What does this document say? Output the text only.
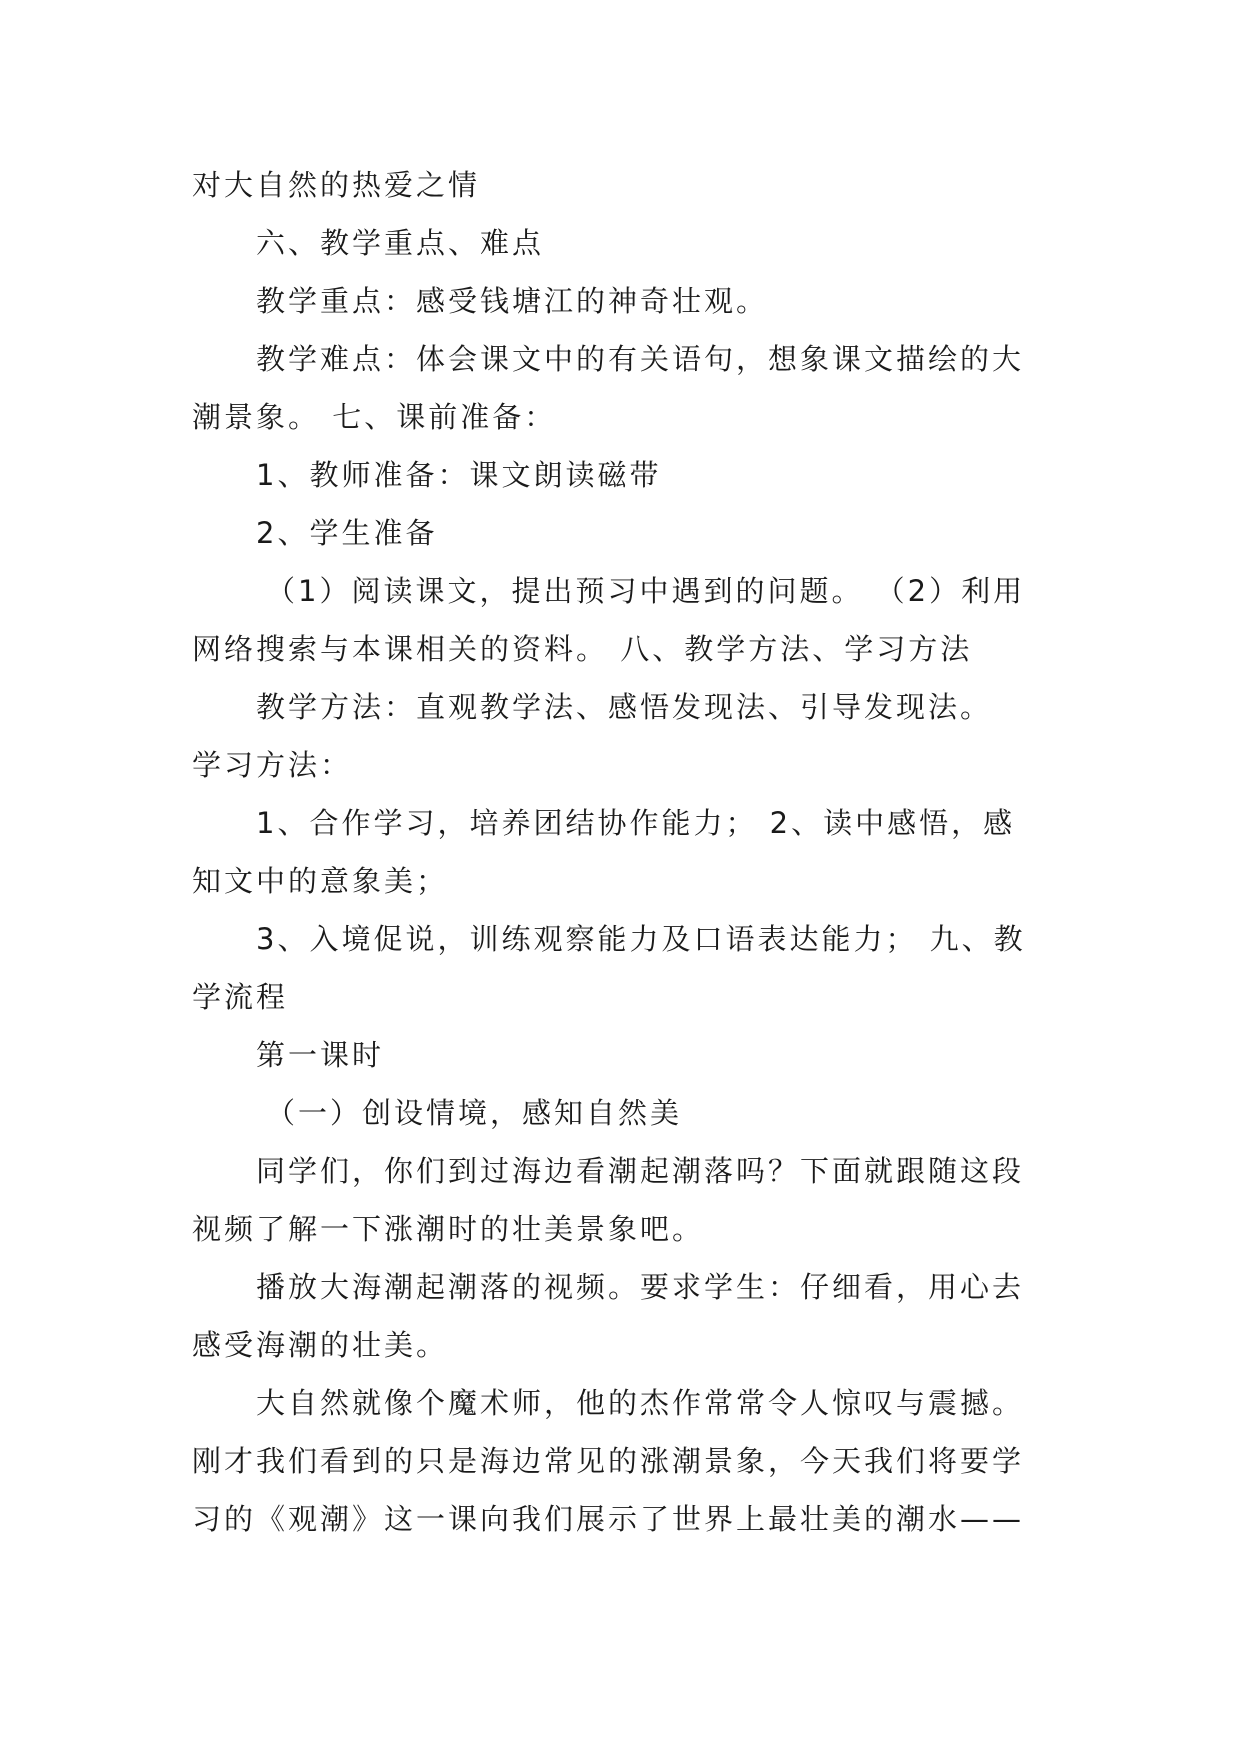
对大自然的热爱之情
六、教学重点、难点
教学重点：感受钱塘江的神奇壮观。
教学难点：体会课文中的有关语句，想象课文描绘的大
潮景象。 七、课前准备：
1、教师准备：课文朗读磁带
2、学生准备
（1）阅读课文，提出预习中遇到的问题。 （2）利用
网络搜索与本课相关的资料。 八、教学方法、学习方法
教学方法：直观教学法、感悟发现法、引导发现法。
学习方法：
1、合作学习，培养团结协作能力； 2、读中感悟，感
知文中的意象美；
3、入境促说，训练观察能力及口语表达能力； 九、教
学流程
第一课时
（一）创设情境，感知自然美
同学们，你们到过海边看潮起潮落吗？下面就跟随这段
视频了解一下涨潮时的壮美景象吧。
播放大海潮起潮落的视频。要求学生：仔细看，用心去
感受海潮的壮美。
大自然就像个魔术师，他的杰作常常令人惊叹与震撼。
刚才我们看到的只是海边常见的涨潮景象，今天我们将要学
习的《观潮》这一课向我们展示了世界上最壮美的潮水——
